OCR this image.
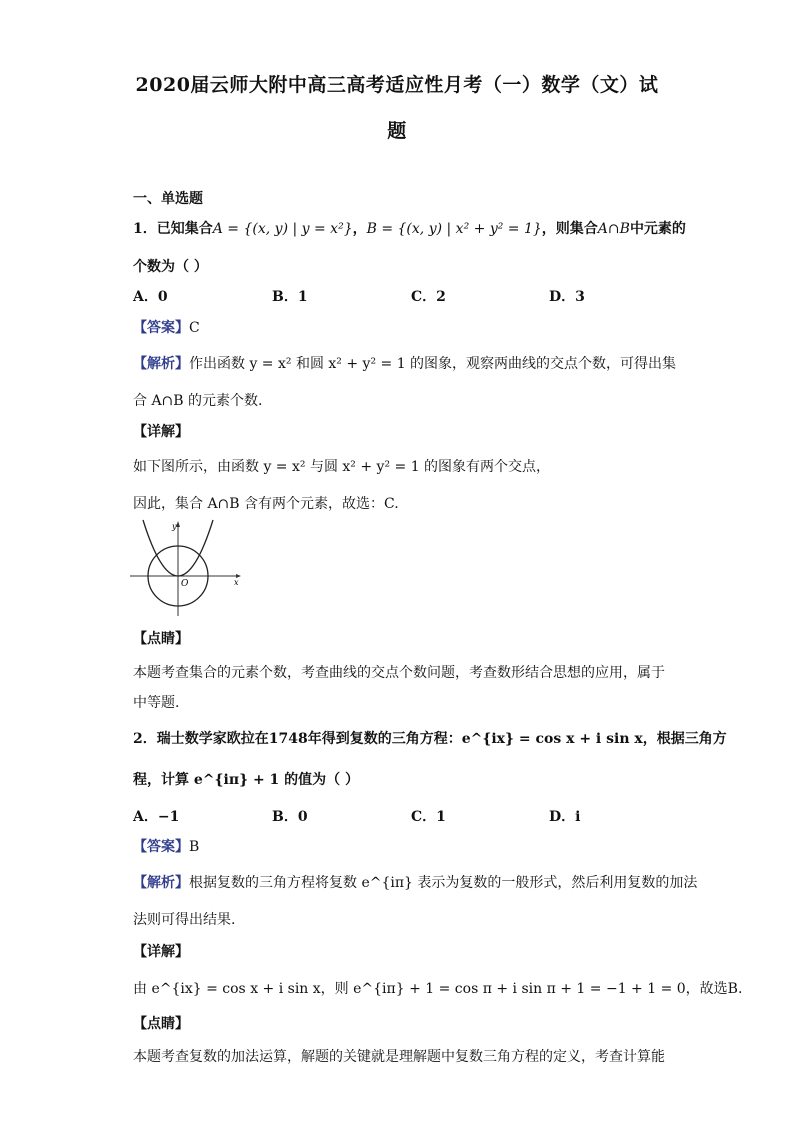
2020届云师大附中高三高考适应性月考（一）数学（文）试
题
一、单选题
1．已知集合A = {(x, y) | y = x²}，B = {(x, y) | x² + y² = 1}，则集合A∩B中元素的
个数为（ ）
A．0	B．1	C．2	D．3
【答案】C
【解析】作出函数 y = x² 和圆 x² + y² = 1 的图象，观察两曲线的交点个数，可得出集
合 A∩B 的元素个数.
【详解】
如下图所示，由函数 y = x² 与圆 x² + y² = 1 的图象有两个交点，
因此，集合 A∩B 含有两个元素，故选：C.
O	x
y
【点睛】
本题考查集合的元素个数，考查曲线的交点个数问题，考查数形结合思想的应用，属于
中等题.
2．瑞士数学家欧拉在1748年得到复数的三角方程：e^{ix} = cos x + i sin x，根据三角方
程，计算 e^{iπ} + 1 的值为（ ）
A．−1	B．0	C．1	D．i
【答案】B
【解析】根据复数的三角方程将复数 e^{iπ} 表示为复数的一般形式，然后利用复数的加法
法则可得出结果.
【详解】
由 e^{ix} = cos x + i sin x，则 e^{iπ} + 1 = cos π + i sin π + 1 = −1 + 1 = 0，故选B.
【点睛】
本题考查复数的加法运算，解题的关键就是理解题中复数三角方程的定义，考查计算能
